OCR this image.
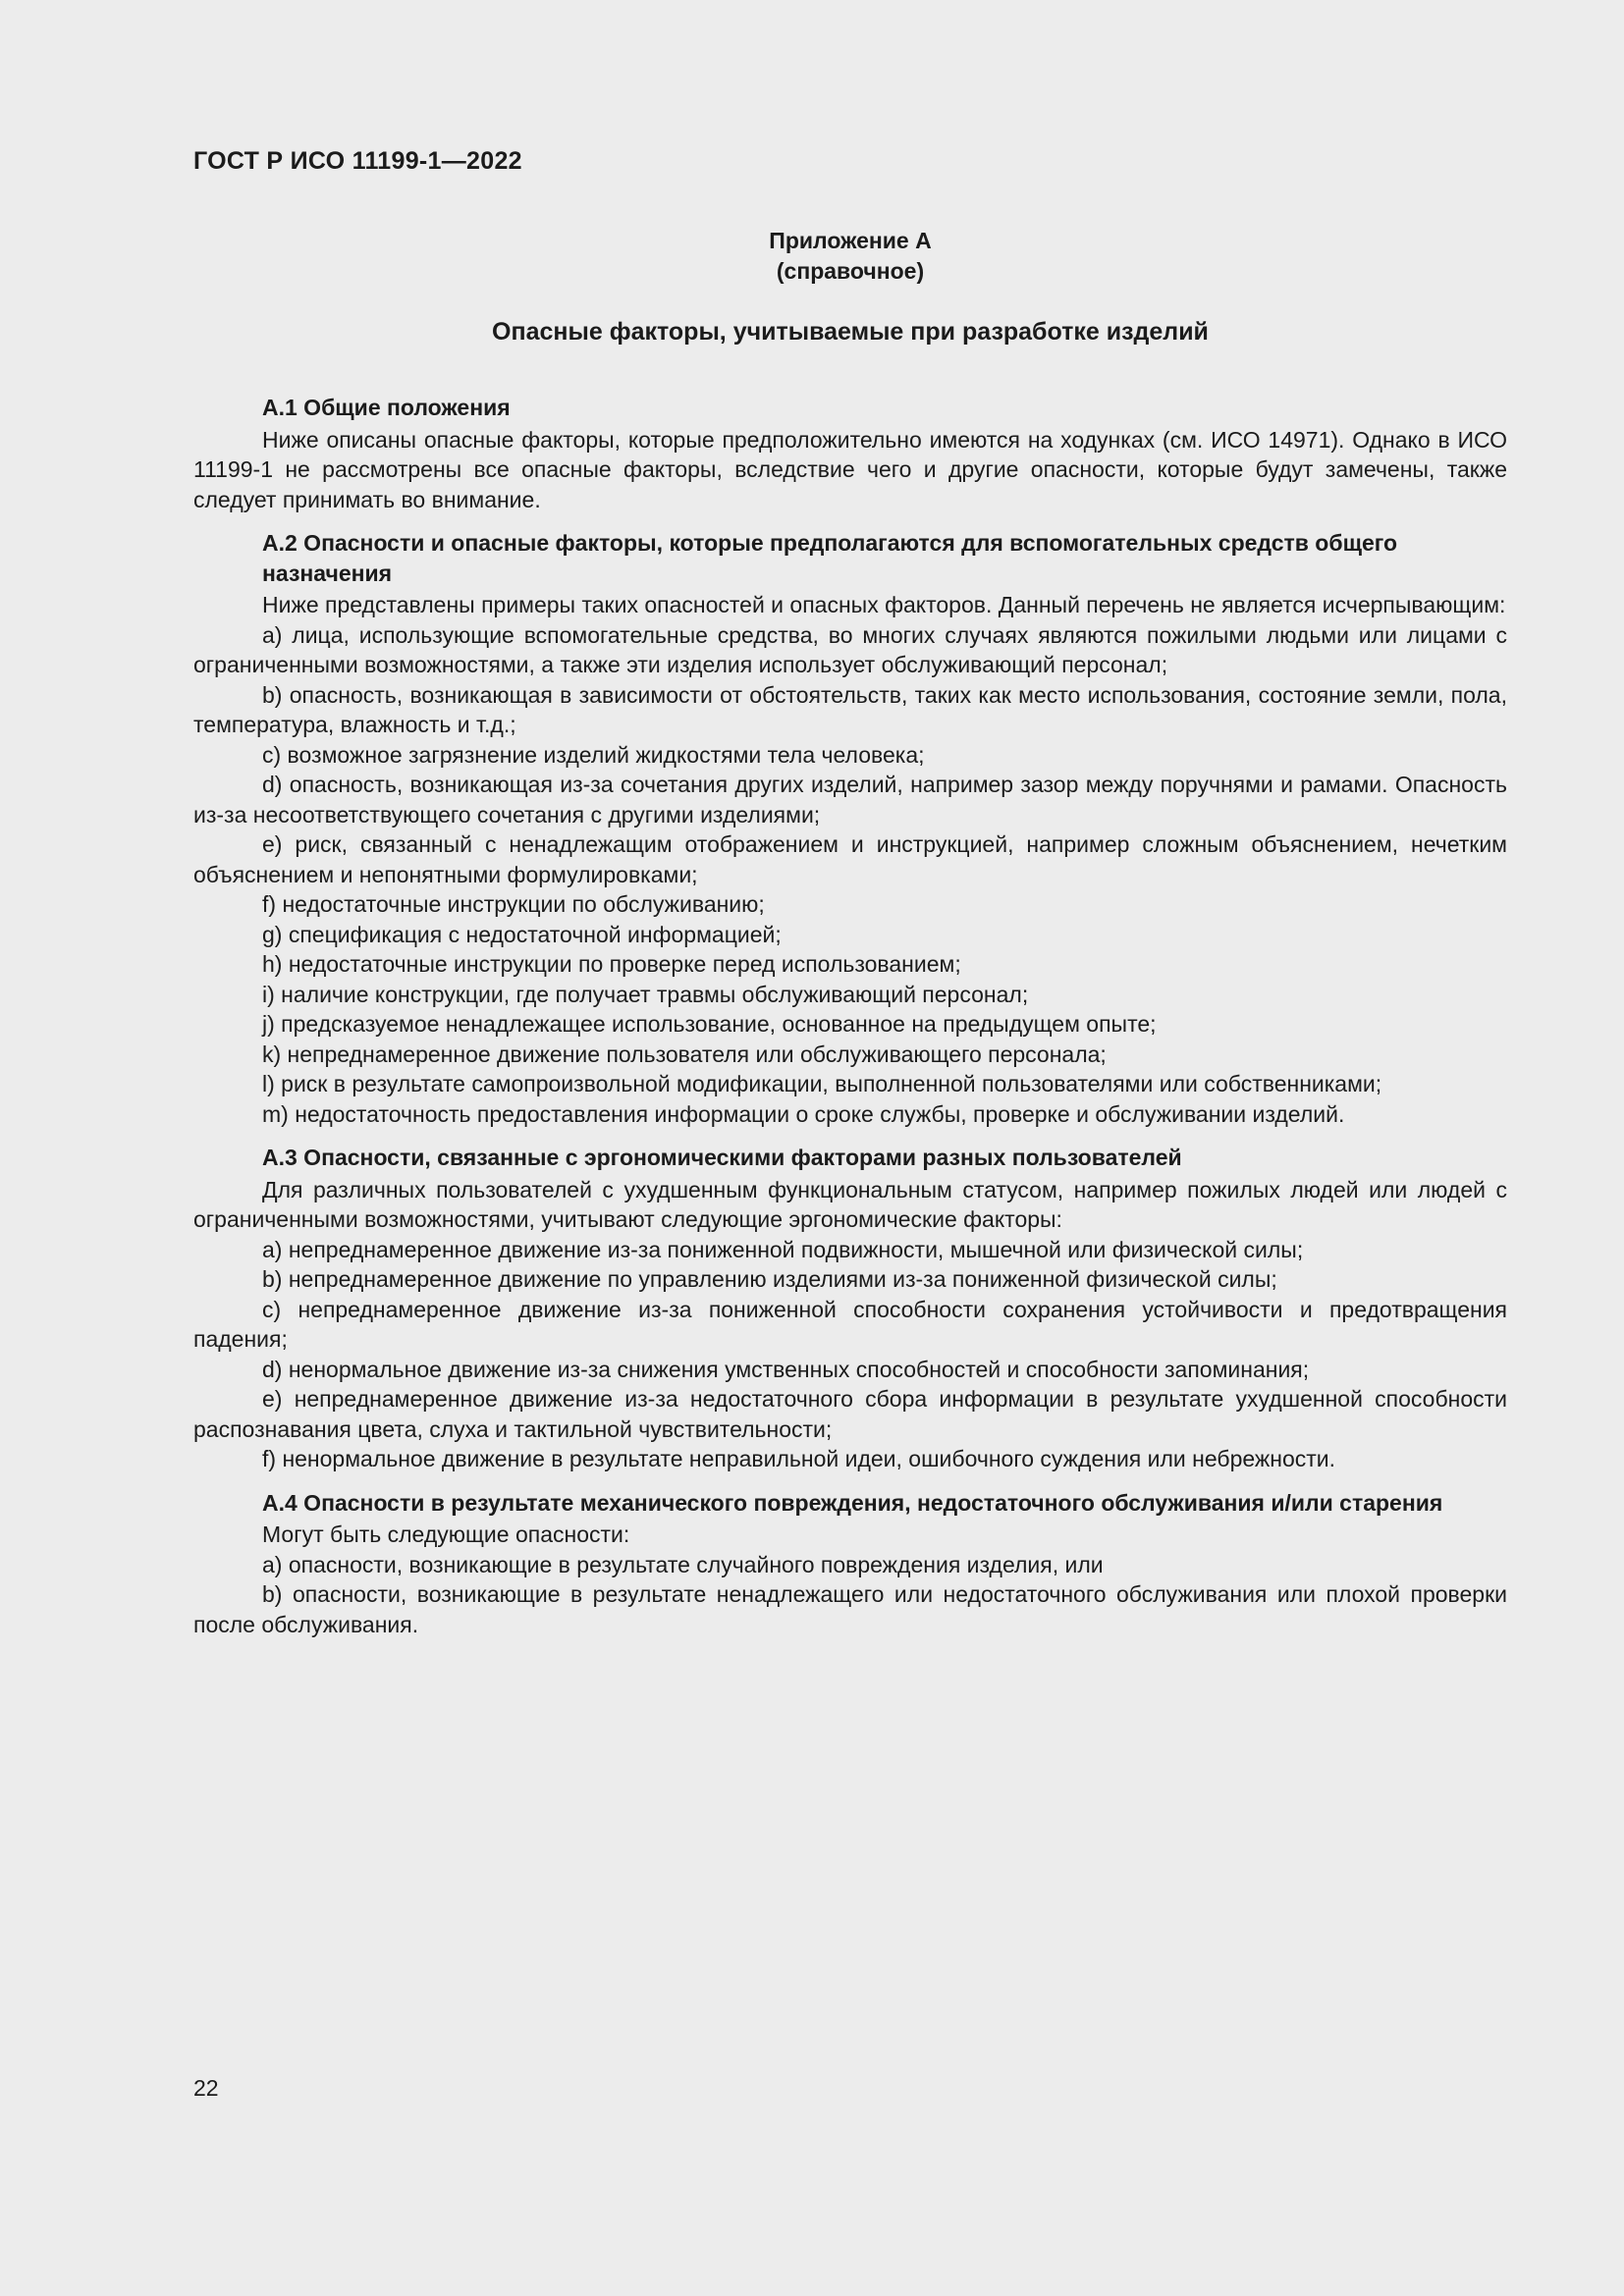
ГОСТ Р ИСО 11199-1—2022
Приложение А
(справочное)
Опасные факторы, учитываемые при разработке изделий
А.1 Общие положения

Ниже описаны опасные факторы, которые предположительно имеются на ходунках (см. ИСО 14971). Однако в ИСО 11199-1 не рассмотрены все опасные факторы, вследствие чего и другие опасности, которые будут замечены, также следует принимать во внимание.

А.2 Опасности и опасные факторы, которые предполагаются для вспомогательных средств общего назначения

Ниже представлены примеры таких опасностей и опасных факторов. Данный перечень не является исчерпывающим:

a) лица, использующие вспомогательные средства, во многих случаях являются пожилыми людьми или лицами с ограниченными возможностями, а также эти изделия использует обслуживающий персонал;

b) опасность, возникающая в зависимости от обстоятельств, таких как место использования, состояние земли, пола, температура, влажность и т.д.;

c) возможное загрязнение изделий жидкостями тела человека;

d) опасность, возникающая из-за сочетания других изделий, например зазор между поручнями и рамами. Опасность из-за несоответствующего сочетания с другими изделиями;

e) риск, связанный с ненадлежащим отображением и инструкцией, например сложным объяснением, нечетким объяснением и непонятными формулировками;

f) недостаточные инструкции по обслуживанию;

g) спецификация с недостаточной информацией;

h) недостаточные инструкции по проверке перед использованием;

i) наличие конструкции, где получает травмы обслуживающий персонал;

j) предсказуемое ненадлежащее использование, основанное на предыдущем опыте;

k) непреднамеренное движение пользователя или обслуживающего персонала;

l) риск в результате самопроизвольной модификации, выполненной пользователями или собственниками;

m) недостаточность предоставления информации о сроке службы, проверке и обслуживании изделий.

А.3 Опасности, связанные с эргономическими факторами разных пользователей

Для различных пользователей с ухудшенным функциональным статусом, например пожилых людей или людей с ограниченными возможностями, учитывают следующие эргономические факторы:

a) непреднамеренное движение из-за пониженной подвижности, мышечной или физической силы;

b) непреднамеренное движение по управлению изделиями из-за пониженной физической силы;

c) непреднамеренное движение из-за пониженной способности сохранения устойчивости и предотвращения падения;

d) ненормальное движение из-за снижения умственных способностей и способности запоминания;

e) непреднамеренное движение из-за недостаточного сбора информации в результате ухудшенной способности распознавания цвета, слуха и тактильной чувствительности;

f) ненормальное движение в результате неправильной идеи, ошибочного суждения или небрежности.

А.4 Опасности в результате механического повреждения, недостаточного обслуживания и/или старения

Могут быть следующие опасности:

a) опасности, возникающие в результате случайного повреждения изделия, или

b) опасности, возникающие в результате ненадлежащего или недостаточного обслуживания или плохой проверки после обслуживания.

22
